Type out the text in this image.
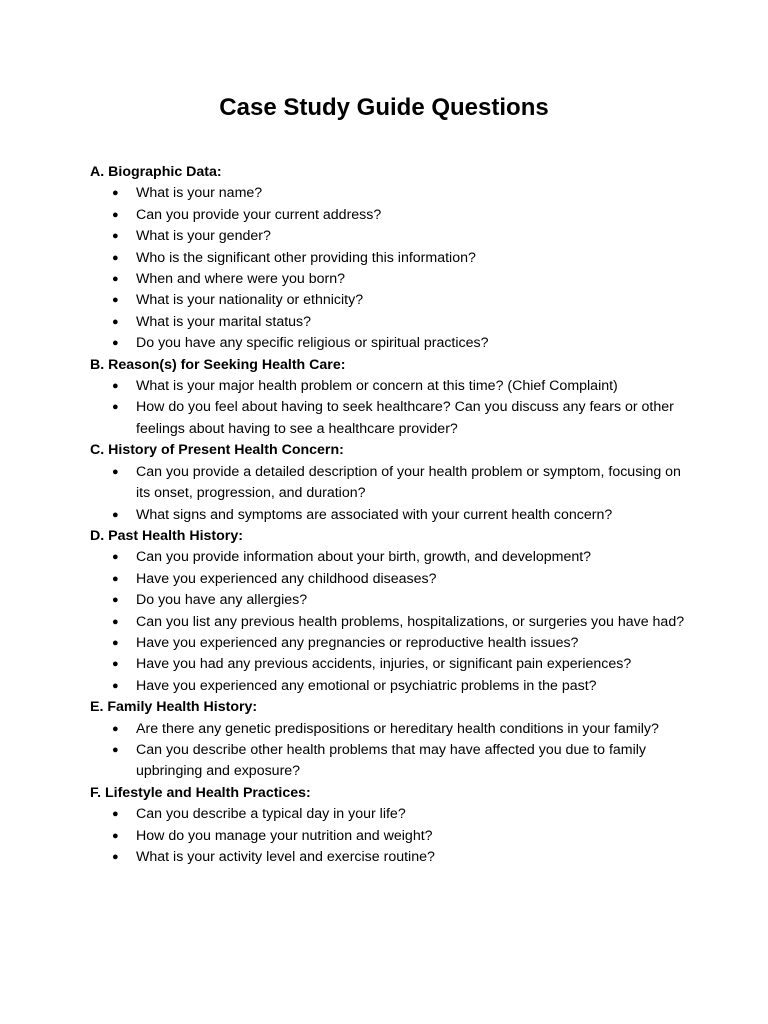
Case Study Guide Questions

A. Biographic Data:

● What is your name?
● Can you provide your current address?
● What is your gender?
● Who is the significant other providing this information?
● When and where were you born?
● What is your nationality or ethnicity?
● What is your marital status?
● Do you have any specific religious or spiritual practices?

B. Reason(s) for Seeking Health Care:

● What is your major health problem or concern at this time? (Chief Complaint)
● How do you feel about having to seek healthcare? Can you discuss any fears or other feelings about having to see a healthcare provider?

C. History of Present Health Concern:

● Can you provide a detailed description of your health problem or symptom, focusing on its onset, progression, and duration?
● What signs and symptoms are associated with your current health concern?

D. Past Health History:

● Can you provide information about your birth, growth, and development?
● Have you experienced any childhood diseases?
● Do you have any allergies?
● Can you list any previous health problems, hospitalizations, or surgeries you have had?
● Have you experienced any pregnancies or reproductive health issues?
● Have you had any previous accidents, injuries, or significant pain experiences?
● Have you experienced any emotional or psychiatric problems in the past?

E. Family Health History:

● Are there any genetic predispositions or hereditary health conditions in your family?
● Can you describe other health problems that may have affected you due to family upbringing and exposure?

F. Lifestyle and Health Practices:

● Can you describe a typical day in your life?
● How do you manage your nutrition and weight?
● What is your activity level and exercise routine?
